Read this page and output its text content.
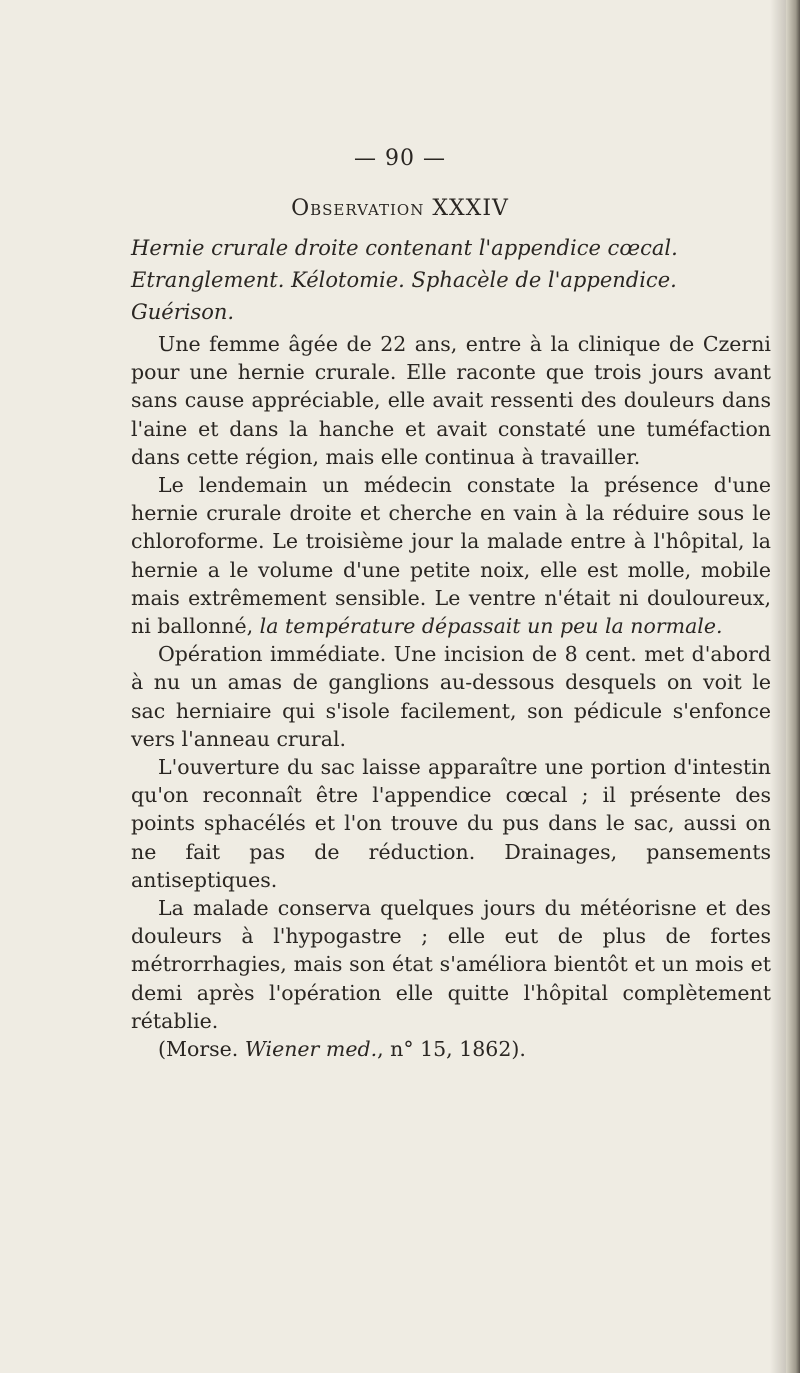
— 90 —
Observation XXXIV
Hernie crurale droite contenant l'appendice cœcal. Etranglement. Kélotomie. Sphacèle de l'appendice. Guérison.

Une femme âgée de 22 ans, entre à la clinique de Czerni pour une hernie crurale. Elle raconte que trois jours avant sans cause appréciable, elle avait ressenti des douleurs dans l'aine et dans la hanche et avait constaté une tuméfaction dans cette région, mais elle continua à travailler.

Le lendemain un médecin constate la présence d'une hernie crurale droite et cherche en vain à la réduire sous le chloroforme. Le troisième jour la malade entre à l'hôpital, la hernie a le volume d'une petite noix, elle est molle, mobile mais extrêmement sensible. Le ventre n'était ni douloureux, ni ballonné, la température dépassait un peu la normale.

Opération immédiate. Une incision de 8 cent. met d'abord à nu un amas de ganglions au-dessous desquels on voit le sac herniaire qui s'isole facilement, son pédicule s'enfonce vers l'anneau crural.

L'ouverture du sac laisse apparaître une portion d'intestin qu'on reconnaît être l'appendice cœcal ; il présente des points sphacélés et l'on trouve du pus dans le sac, aussi on ne fait pas de réduction. Drainages, pansements antiseptiques.

La malade conserva quelques jours du météorisne et des douleurs à l'hypogastre ; elle eut de plus de fortes métrorrhagies, mais son état s'améliora bientôt et un mois et demi après l'opération elle quitte l'hôpital complètement rétablie.

(Morse. Wiener med., n° 15, 1862).
